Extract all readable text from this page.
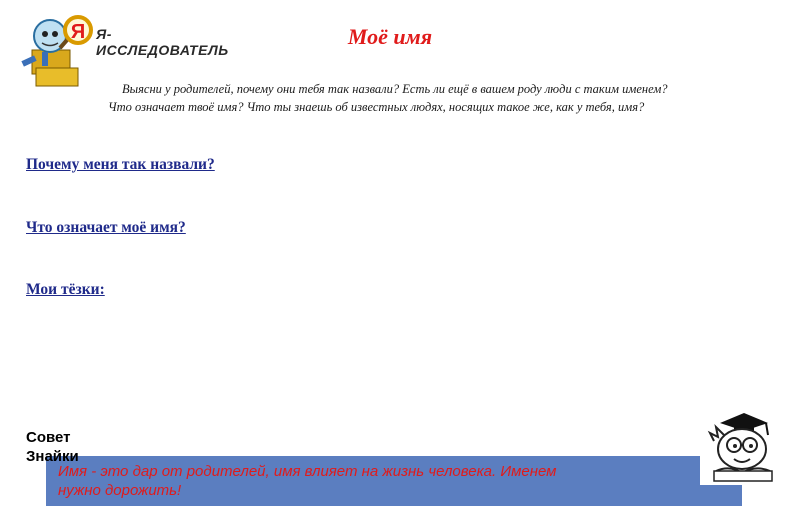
Я Я-ИССЛЕДОВАТЕЛЬ
Моё имя
Выясни у родителей, почему они тебя так назвали? Есть ли ещё в вашем роду люди с таким именем? Что означает твоё имя? Что ты знаешь об известных людях, носящих такое же, как у тебя, имя?
Почему меня так назвали?
Что означает моё имя?
Мои тёзки:
Имя - это дар от родителей, имя влияет на жизнь человека. Именем
нужно дорожить!
Совет
Знайки
